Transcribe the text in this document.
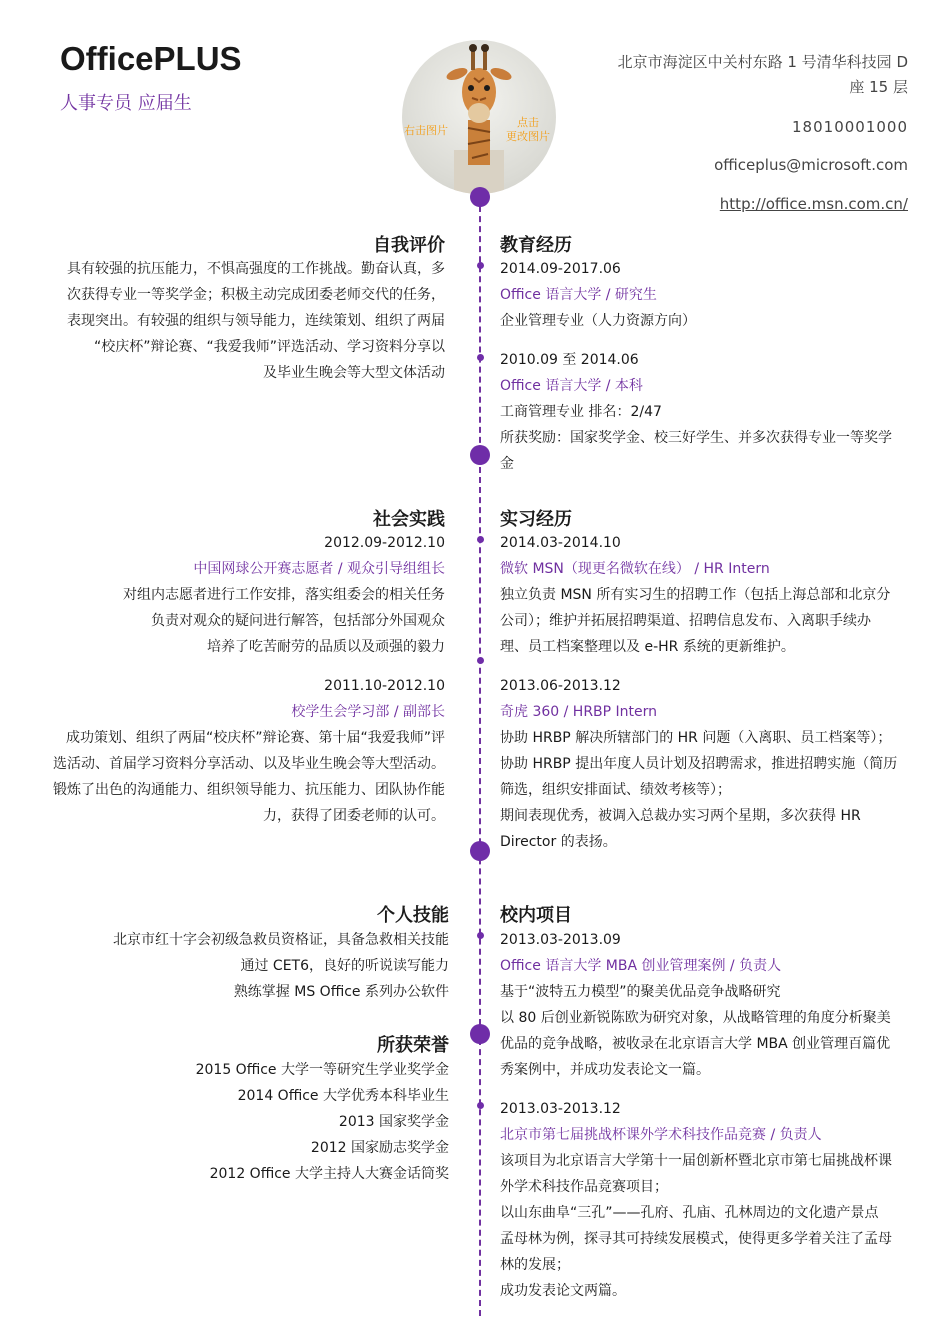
OfficePLUS
人事专员 应届生
北京市海淀区中关村东路 1 号清华科技园 D 座 15 层
18010001000
officeplus@microsoft.com
http://office.msn.com.cn/
右击图片
点击
更改图片
自我评价
具有较强的抗压能力，不惧高强度的工作挑战。勤奋认真，多
次获得专业一等奖学金；积极主动完成团委老师交代的任务，
表现突出。有较强的组织与领导能力，连续策划、组织了两届
“校庆杯”辩论赛、“我爱我师”评选活动、学习资料分享以
及毕业生晚会等大型文体活动
教育经历
2014.09-2017.06
Office 语言大学 / 研究生
企业管理专业（人力资源方向）
2010.09 至 2014.06
Office 语言大学 / 本科
工商管理专业 排名：2/47
所获奖励：国家奖学金、校三好学生、并多次获得专业一等奖学
金
社会实践
2012.09-2012.10
中国网球公开赛志愿者 / 观众引导组组长
对组内志愿者进行工作安排，落实组委会的相关任务
负责对观众的疑问进行解答，包括部分外国观众
培养了吃苦耐劳的品质以及顽强的毅力
2011.10-2012.10
校学生会学习部 / 副部长
成功策划、组织了两届“校庆杯”辩论赛、第十届“我爱我师”评
选活动、首届学习资料分享活动、以及毕业生晚会等大型活动。
锻炼了出色的沟通能力、组织领导能力、抗压能力、团队协作能
力，获得了团委老师的认可。
实习经历
2014.03-2014.10
微软 MSN（现更名微软在线） / HR Intern
独立负责 MSN 所有实习生的招聘工作（包括上海总部和北京分
公司）；维护并拓展招聘渠道、招聘信息发布、入离职手续办
理、员工档案整理以及 e-HR 系统的更新维护。
2013.06-2013.12
奇虎 360 / HRBP Intern
协助 HRBP 解决所辖部门的 HR 问题（入离职、员工档案等）；
协助 HRBP 提出年度人员计划及招聘需求，推进招聘实施（简历
筛选，组织安排面试、绩效考核等）；
期间表现优秀，被调入总裁办实习两个星期，多次获得 HR
Director 的表扬。
个人技能
北京市红十字会初级急救员资格证，具备急救相关技能
通过 CET6，良好的听说读写能力
熟练掌握 MS Office 系列办公软件
所获荣誉
2015 Office 大学一等研究生学业奖学金
2014 Office 大学优秀本科毕业生
2013 国家奖学金
2012 国家励志奖学金
2012 Office 大学主持人大赛金话筒奖
校内项目
2013.03-2013.09
Office 语言大学 MBA 创业管理案例 / 负责人
基于“波特五力模型”的聚美优品竞争战略研究
以 80 后创业新锐陈欧为研究对象，从战略管理的角度分析聚美
优品的竞争战略，被收录在北京语言大学 MBA 创业管理百篇优
秀案例中，并成功发表论文一篇。
2013.03-2013.12
北京市第七届挑战杯课外学术科技作品竞赛 / 负责人
该项目为北京语言大学第十一届创新杯暨北京市第七届挑战杯课
外学术科技作品竞赛项目；
以山东曲阜“三孔”——孔府、孔庙、孔林周边的文化遗产景点
孟母林为例，探寻其可持续发展模式，使得更多学着关注了孟母
林的发展；
成功发表论文两篇。
